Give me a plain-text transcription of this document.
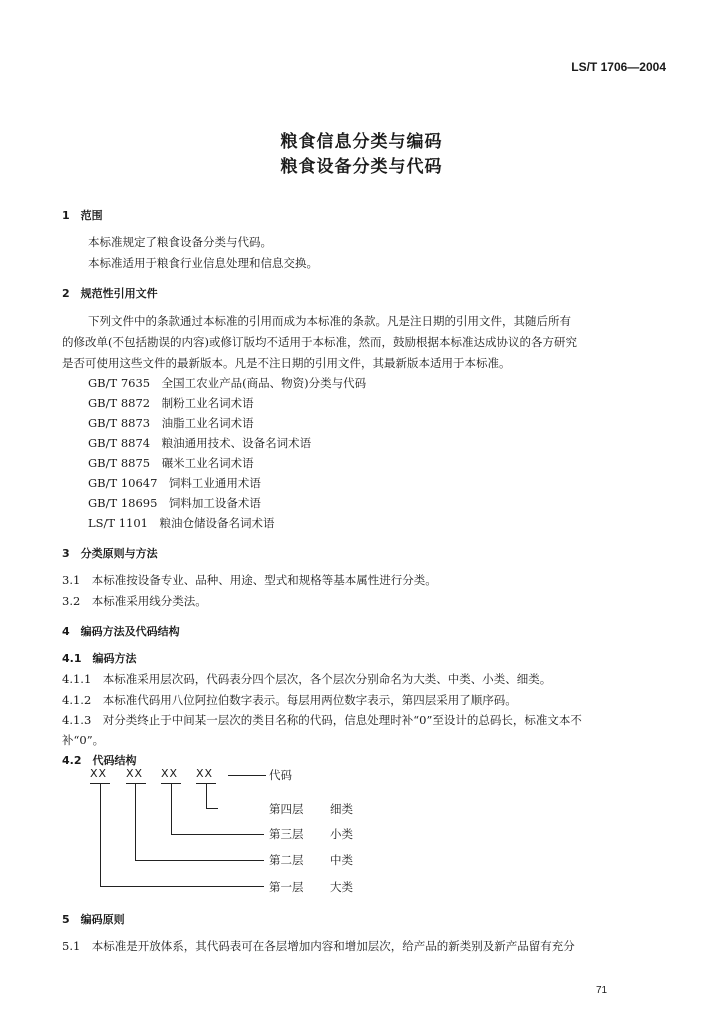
LS/T 1706—2004
粮食信息分类与编码
粮食设备分类与代码
1　范围
本标准规定了粮食设备分类与代码。
本标准适用于粮食行业信息处理和信息交换。
2　规范性引用文件
下列文件中的条款通过本标准的引用而成为本标准的条款。凡是注日期的引用文件，其随后所有
的修改单(不包括勘误的内容)或修订版均不适用于本标准，然而，鼓励根据本标准达成协议的各方研究
是否可使用这些文件的最新版本。凡是不注日期的引用文件，其最新版本适用于本标准。
GB/T 7635　全国工农业产品(商品、物资)分类与代码
GB/T 8872　制粉工业名词术语
GB/T 8873　油脂工业名词术语
GB/T 8874　粮油通用技术、设备名词术语
GB/T 8875　碾米工业名词术语
GB/T 10647　饲料工业通用术语
GB/T 18695　饲料加工设备术语
LS/T 1101　粮油仓储设备名词术语
3　分类原则与方法
3.1　本标准按设备专业、品种、用途、型式和规格等基本属性进行分类。
3.2　本标准采用线分类法。
4　编码方法及代码结构
4.1　编码方法
4.1.1　本标准采用层次码，代码表分四个层次，各个层次分别命名为大类、中类、小类、细类。
4.1.2　本标准代码用八位阿拉伯数字表示。每层用两位数字表示，第四层采用了顺序码。
4.1.3　对分类终止于中间某一层次的类目名称的代码，信息处理时补“0”至设计的总码长，标准文本不
补“0”。
4.2　代码结构
XX XX XX XX	代码
第四层 细类
第三层 小类
第二层 中类
第一层 大类
5　编码原则
5.1　本标准是开放体系，其代码表可在各层增加内容和增加层次，给产品的新类别及新产品留有充分
71
